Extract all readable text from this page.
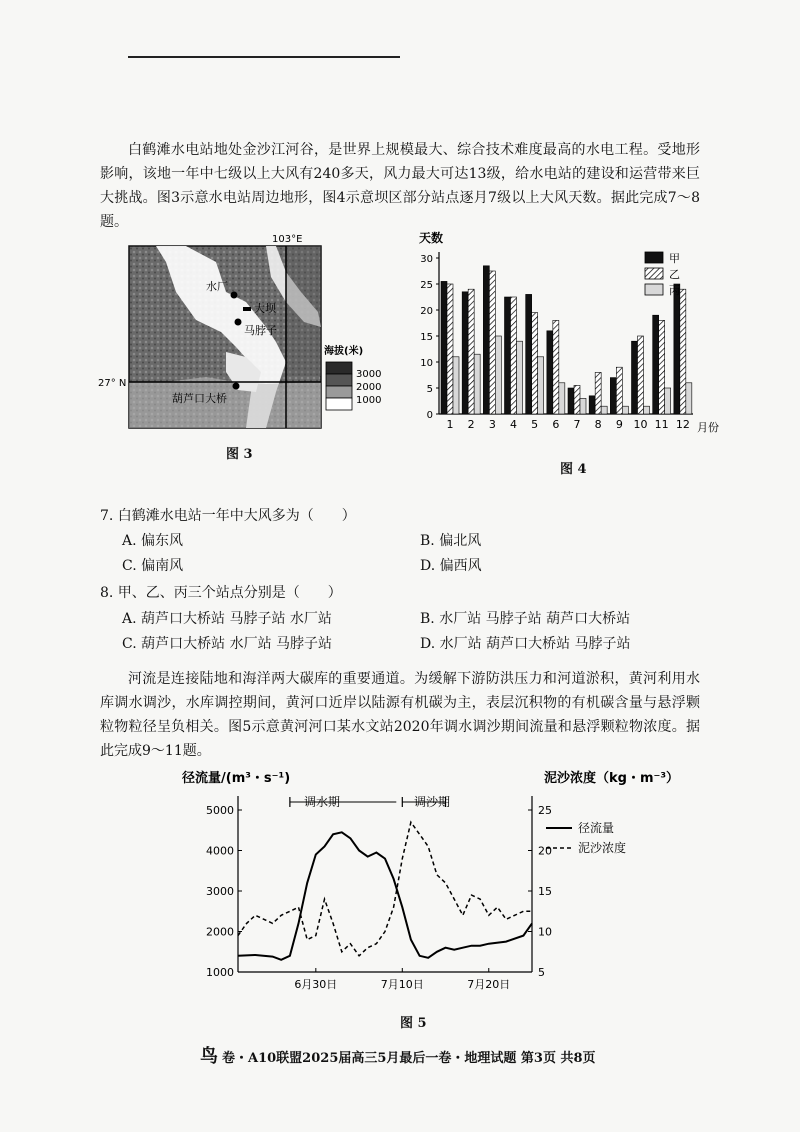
白鹤滩水电站地处金沙江河谷，是世界上规模最大、综合技术难度最高的水电工程。受地形影响，该地一年中七级以上大风有240多天，风力最大可达13级，给水电站的建设和运营带来巨大挑战。图3示意水电站周边地形，图4示意坝区部分站点逐月7级以上大风天数。据此完成7～8题。

103°E
27° N
水厂
大坝
马脖子
葫芦口大桥
海拔(米)
3000
2000
1000
图 3
天数
月份
0
5
10
15
20
25
30
1 2 3 4 5 6 7 8 9 10 11 12
甲
乙
丙
图 4
7. 白鹤滩水电站一年中大风多为（　　）
A. 偏东风	B. 偏北风
C. 偏南风	D. 偏西风
8. 甲、乙、丙三个站点分别是（　　）
A. 葫芦口大桥站 马脖子站 水厂站	B. 水厂站 马脖子站 葫芦口大桥站
C. 葫芦口大桥站 水厂站 马脖子站	D. 水厂站 葫芦口大桥站 马脖子站

河流是连接陆地和海洋两大碳库的重要通道。为缓解下游防洪压力和河道淤积，黄河利用水库调水调沙，水库调控期间，黄河口近岸以陆源有机碳为主，表层沉积物的有机碳含量与悬浮颗粒物粒径呈负相关。图5示意黄河河口某水文站2020年调水调沙期间流量和悬浮颗粒物浓度。据此完成9～11题。

径流量/(m³・s⁻¹)	泥沙浓度（kg・m⁻³）
1000
2000
3000
4000
5000
5
10
15
20
25
6月30日	7月10日	7月20日
径流量
泥沙浓度
调水期	调沙期
图 5
鸟 卷・A10联盟2025届高三5月最后一卷・地理试题 第3页 共8页
